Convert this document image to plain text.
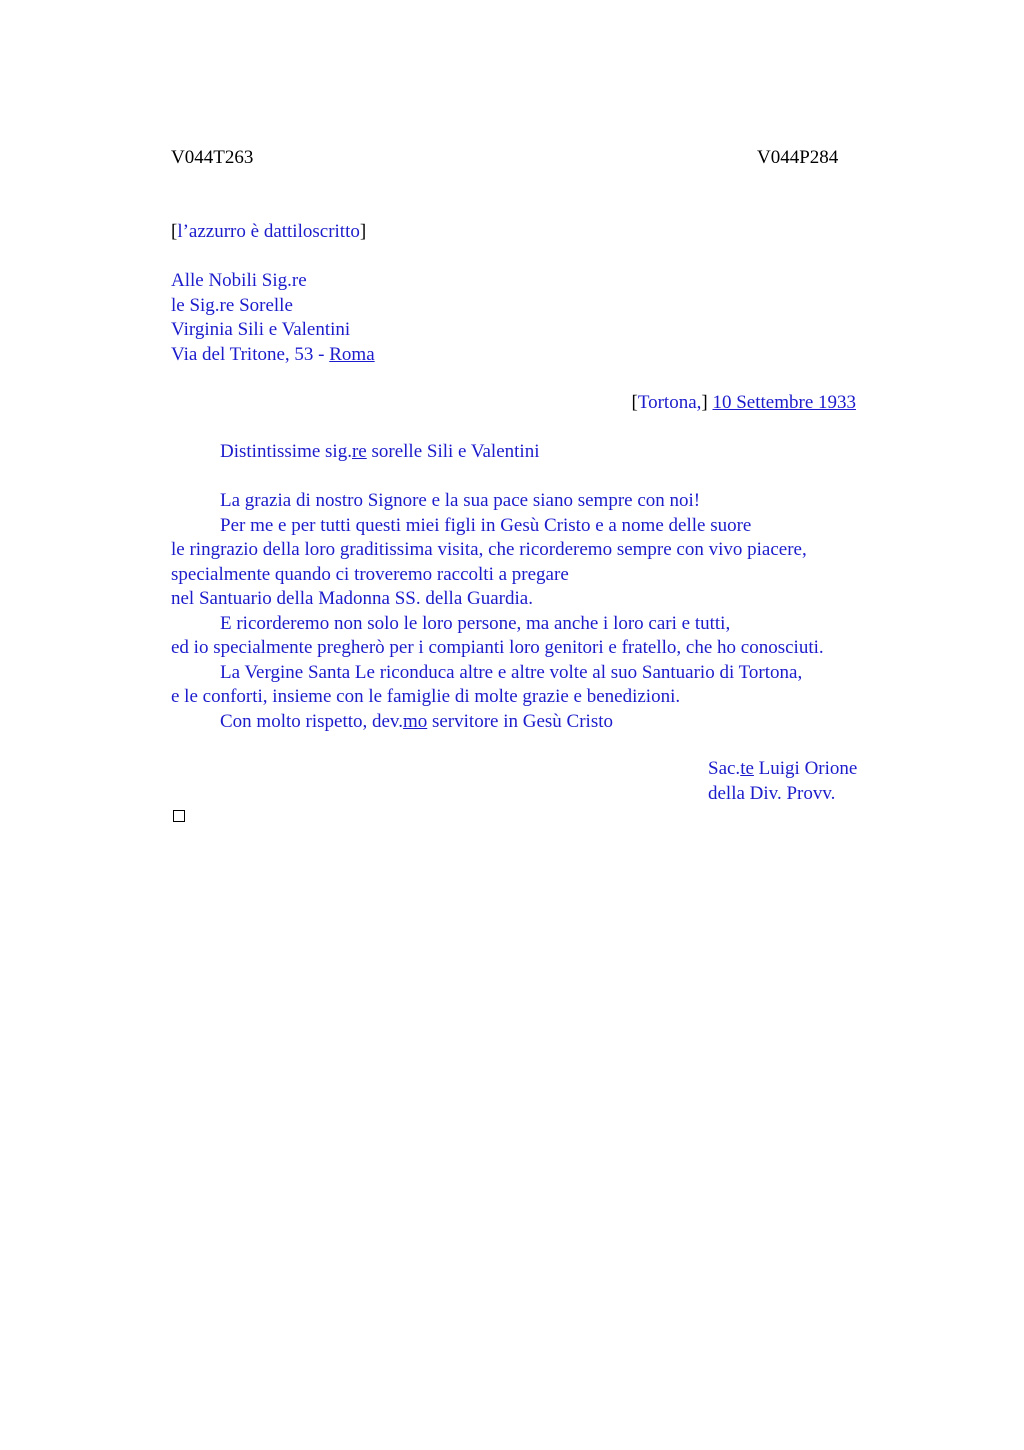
V044T263	V044P284
[l’azzurro è dattiloscritto]
Alle Nobili Sig.re
le Sig.re Sorelle
Virginia Sili e Valentini
Via del Tritone, 53 - Roma
[Tortona,] 10 Settembre 1933
Distintissime sig.re sorelle Sili e Valentini
La grazia di nostro Signore e la sua pace siano sempre con noi!
Per me e per tutti questi miei figli in Gesù Cristo e a nome delle suore
le ringrazio della loro graditissima visita, che ricorderemo sempre con vivo piacere,
specialmente quando ci troveremo raccolti a pregare
nel Santuario della Madonna SS. della Guardia.
E ricorderemo non solo le loro persone, ma anche i loro cari e tutti,
ed io specialmente pregherò per i compianti loro genitori e fratello, che ho conosciuti.
La Vergine Santa Le riconduca altre e altre volte al suo Santuario di Tortona,
e le conforti, insieme con le famiglie di molte grazie e benedizioni.
Con molto rispetto, dev.mo servitore in Gesù Cristo
Sac.te Luigi Orione
della Div. Provv.
